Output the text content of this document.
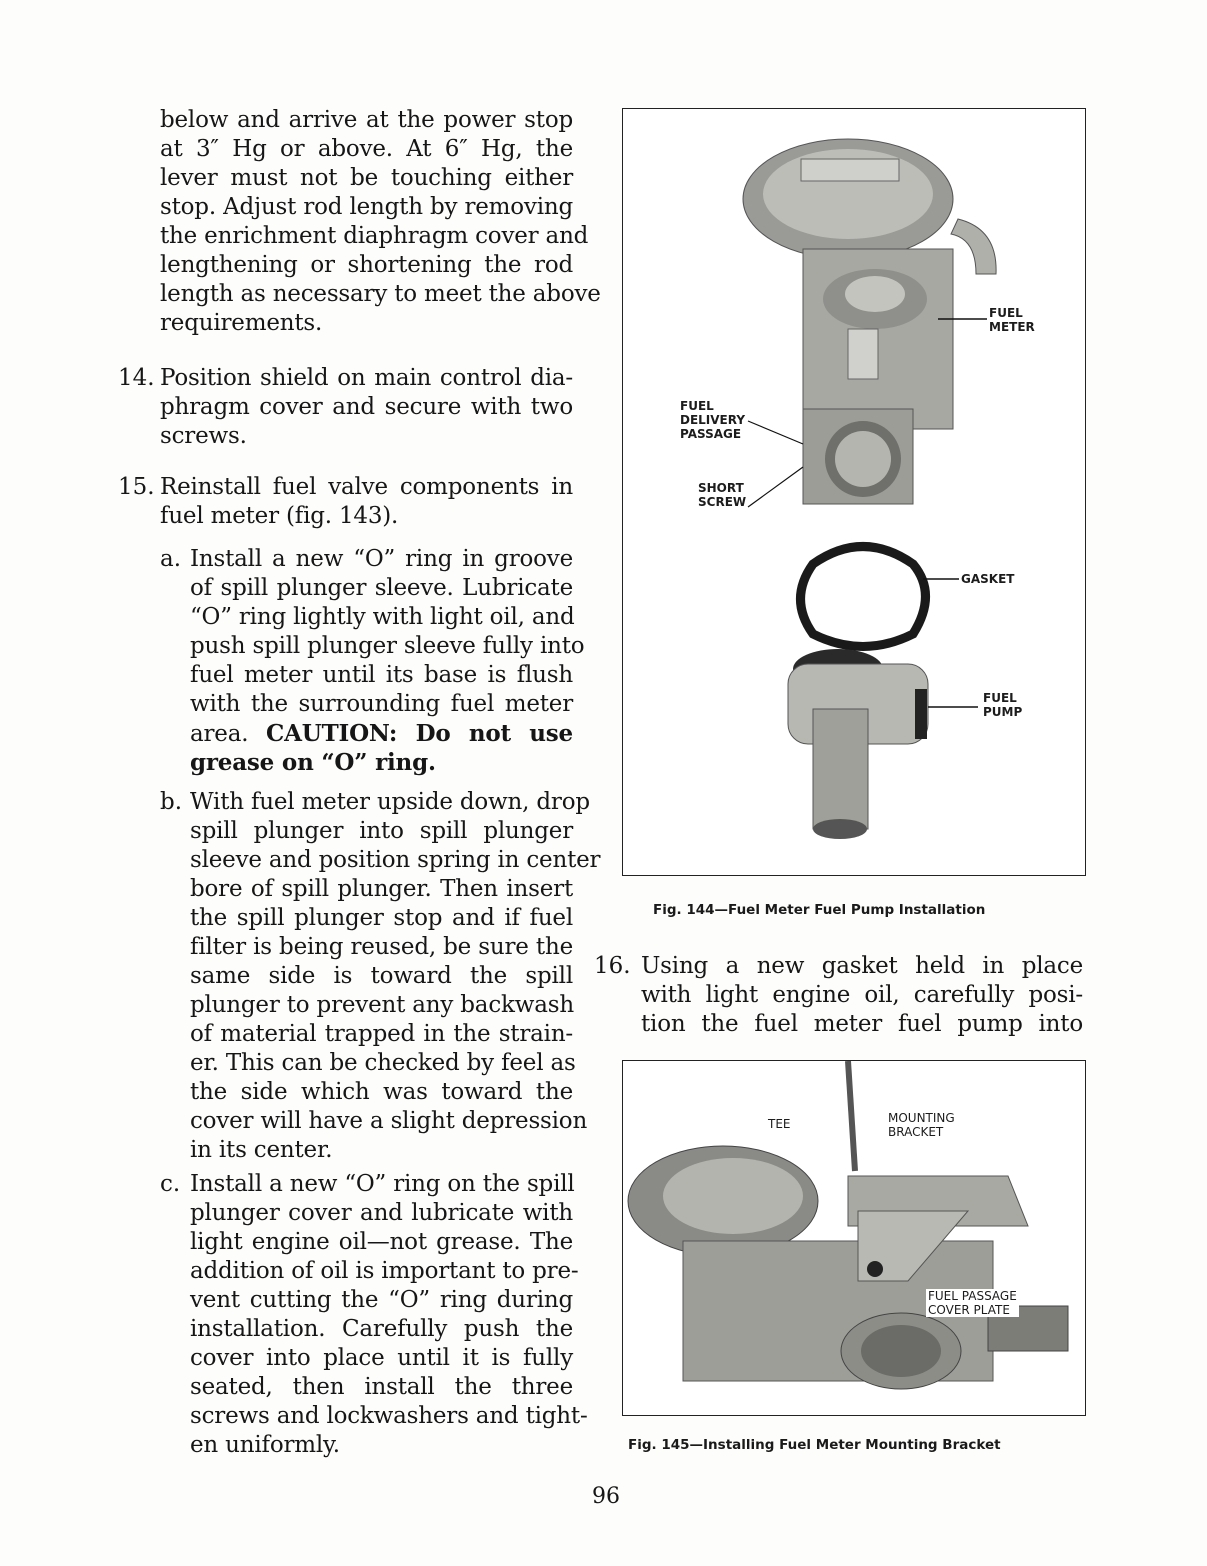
below and arrive at the power stop
at 3″ Hg or above. At 6″ Hg, the
lever must not be touching either
stop. Adjust rod length by removing
the enrichment diaphragm cover and
lengthening or shortening the rod
length as necessary to meet the above
requirements.
14. Position shield on main control dia-
phragm cover and secure with two
screws.
15. Reinstall fuel valve components in
fuel meter (fig. 143).
a. Install a new “O” ring in groove
of spill plunger sleeve. Lubricate
“O” ring lightly with light oil, and
push spill plunger sleeve fully into
fuel meter until its base is flush
with the surrounding fuel meter
area. CAUTION: Do not use
grease on “O” ring.
b. With fuel meter upside down, drop
spill plunger into spill plunger
sleeve and position spring in center
bore of spill plunger. Then insert
the spill plunger stop and if fuel
filter is being reused, be sure the
same side is toward the spill
plunger to prevent any backwash
of material trapped in the strain-
er. This can be checked by feel as
the side which was toward the
cover will have a slight depression
in its center.
c. Install a new “O” ring on the spill
plunger cover and lubricate with
light engine oil—not grease. The
addition of oil is important to pre-
vent cutting the “O” ring during
installation. Carefully push the
cover into place until it is fully
seated, then install the three
screws and lockwashers and tight-
en uniformly.
FUEL
METER
FUEL
DELIVERY
PASSAGE
SHORT
SCREW
GASKET
FUEL
PUMP
Fig. 144—Fuel Meter Fuel Pump Installation
16. Using a new gasket held in place
with light engine oil, carefully posi-
tion the fuel meter fuel pump into
TEE	MOUNTING
BRACKET
FUEL PASSAGE
COVER PLATE
Fig. 145—Installing Fuel Meter Mounting Bracket
96
